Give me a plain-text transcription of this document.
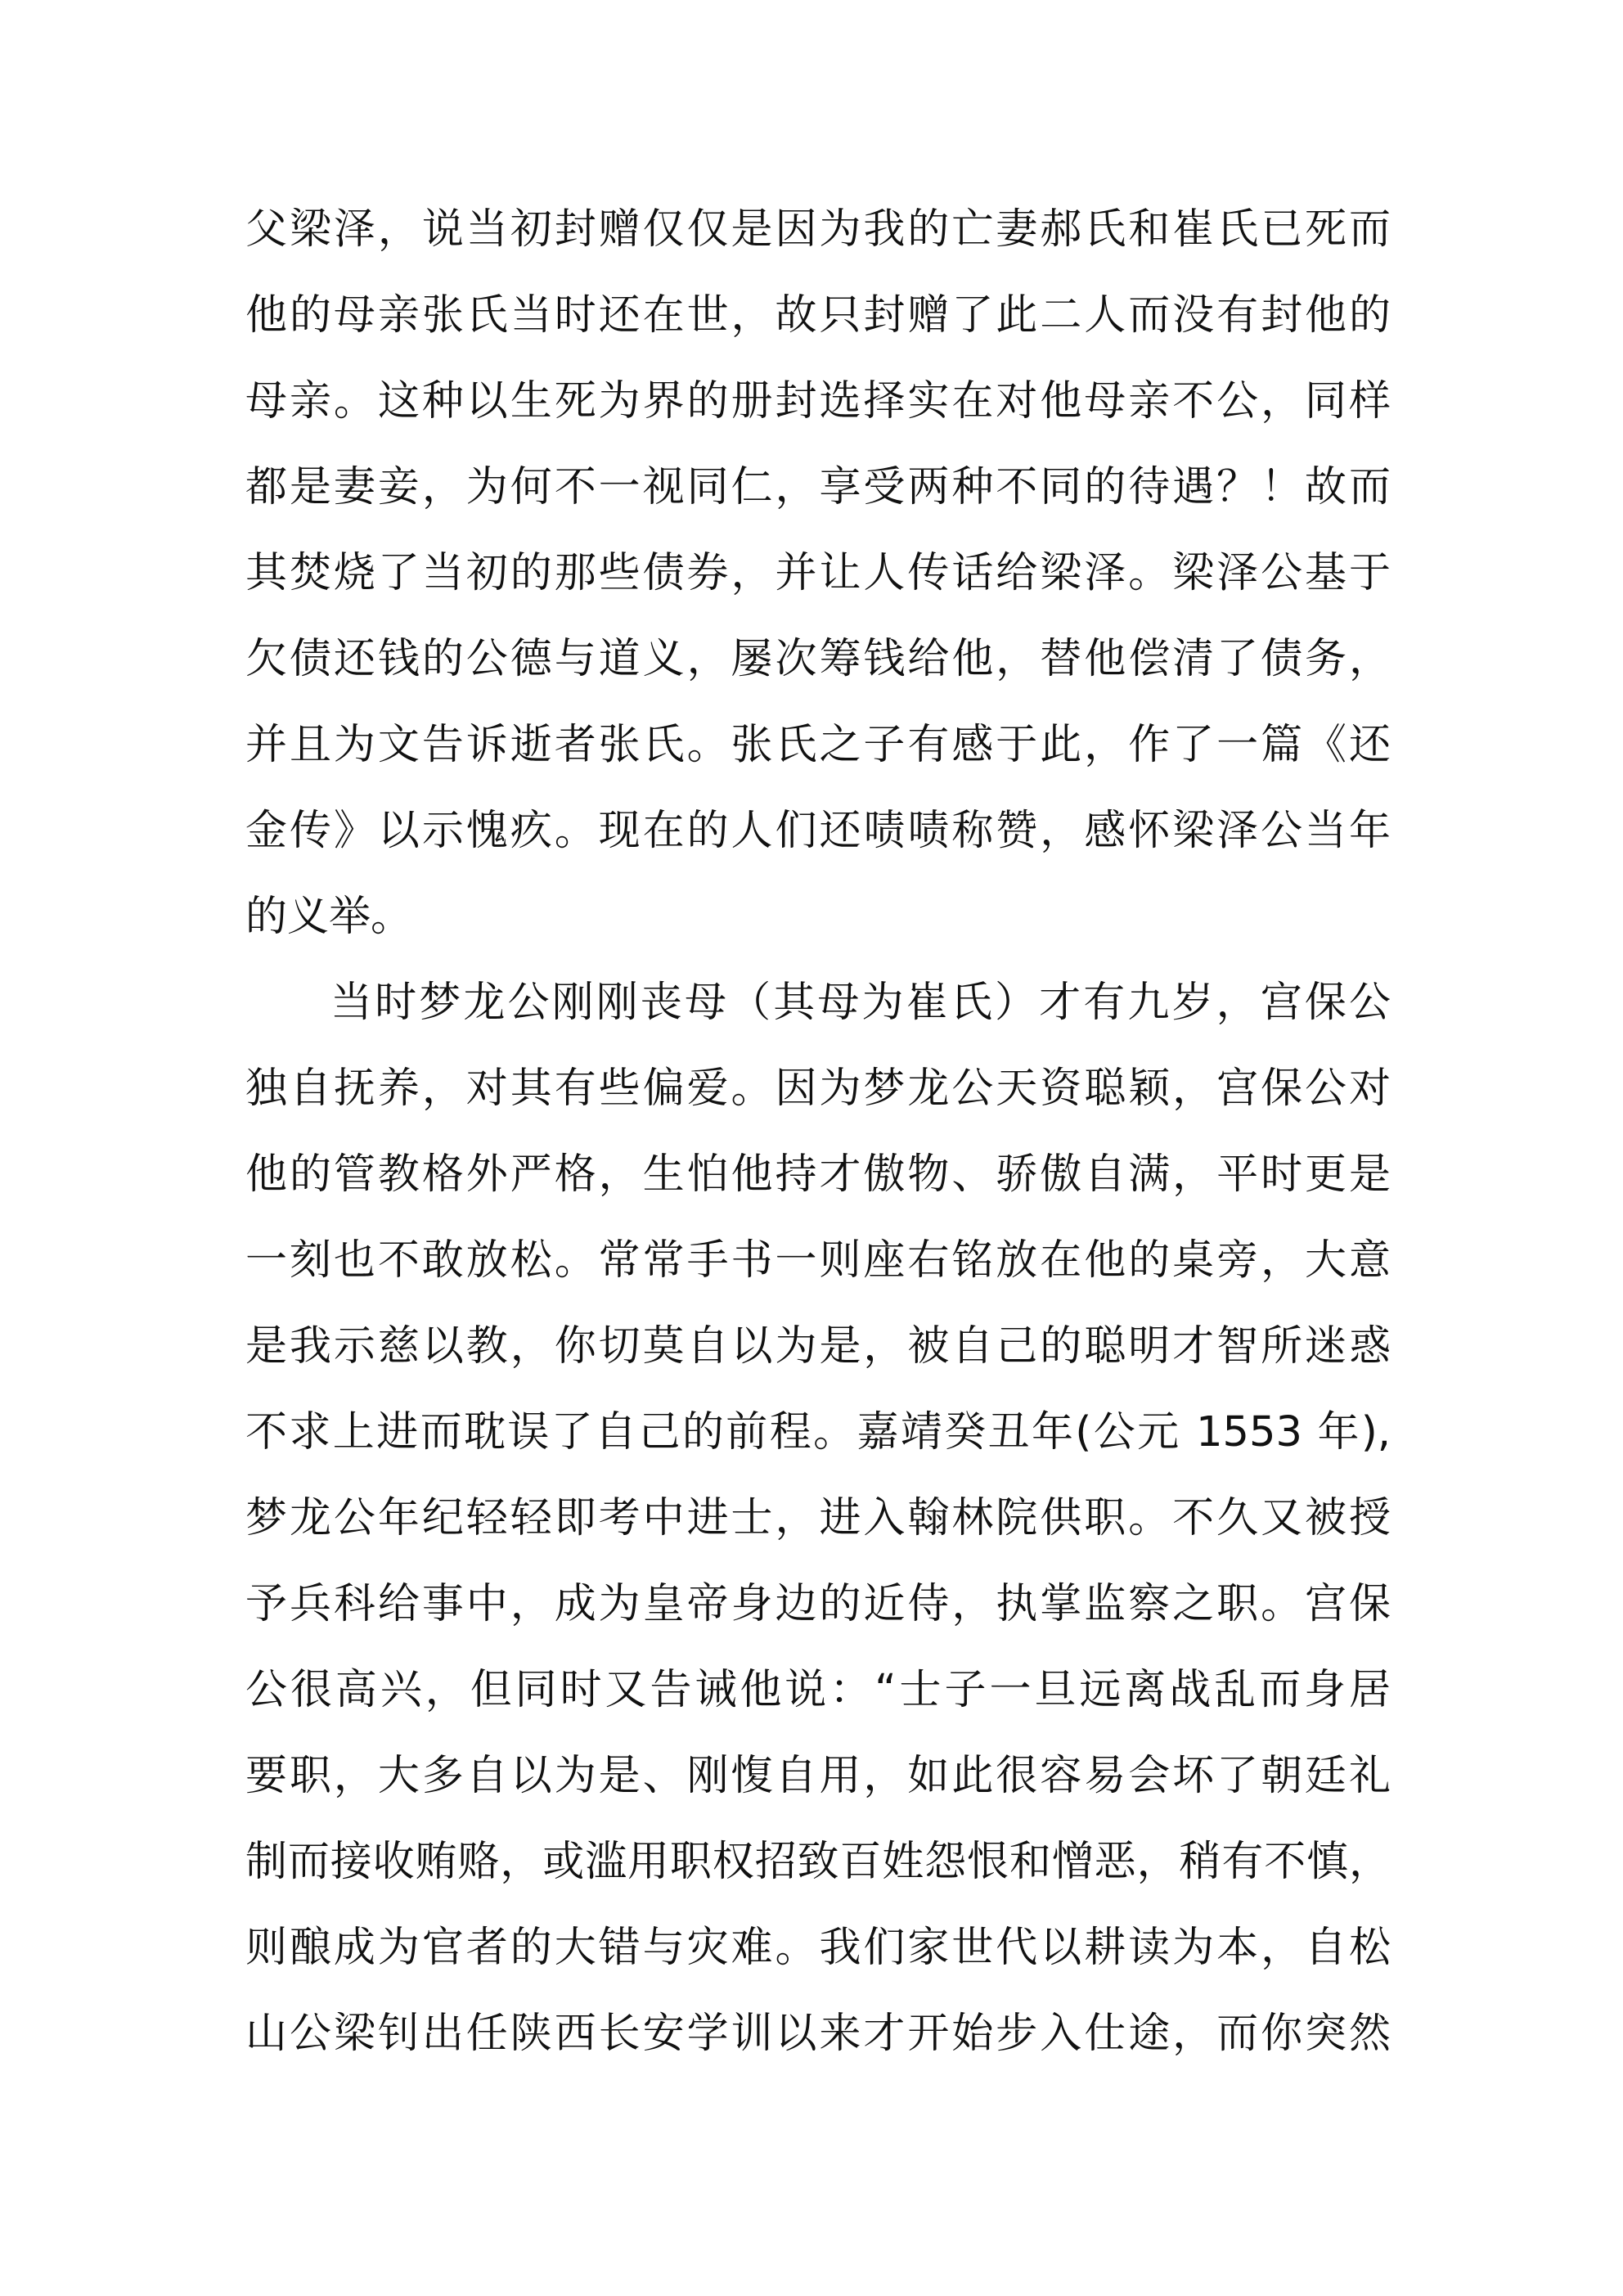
父梁泽，说当初封赠仅仅是因为我的亡妻郝氏和崔氏已死而
他的母亲张氏当时还在世，故只封赠了此二人而没有封他的
母亲。这种以生死为界的册封选择实在对他母亲不公，同样
都是妻妾，为何不一视同仁，享受两种不同的待遇？！故而
其焚烧了当初的那些债券，并让人传话给梁泽。梁泽公基于
欠债还钱的公德与道义，屡次筹钱给他，替他偿清了债务，
并且为文告诉逝者张氏。张氏之子有感于此，作了一篇《还
金传》以示愧疚。现在的人们还啧啧称赞，感怀梁泽公当年
的义举。
当时梦龙公刚刚丧母（其母为崔氏）才有九岁，宫保公
独自抚养，对其有些偏爱。因为梦龙公天资聪颖，宫保公对
他的管教格外严格，生怕他持才傲物、骄傲自满，平时更是
一刻也不敢放松。常常手书一则座右铭放在他的桌旁，大意
是我示慈以教，你切莫自以为是，被自己的聪明才智所迷惑
不求上进而耽误了自己的前程。嘉靖癸丑年(公元 1553 年),
梦龙公年纪轻轻即考中进士，进入翰林院供职。不久又被授
予兵科给事中，成为皇帝身边的近侍，执掌监察之职。宫保
公很高兴，但同时又告诫他说：“士子一旦远离战乱而身居
要职，大多自以为是、刚愎自用，如此很容易会坏了朝廷礼
制而接收贿赂，或滥用职权招致百姓怨恨和憎恶，稍有不慎，
则酿成为官者的大错与灾难。我们家世代以耕读为本，自松
山公梁钊出任陕西长安学训以来才开始步入仕途，而你突然
